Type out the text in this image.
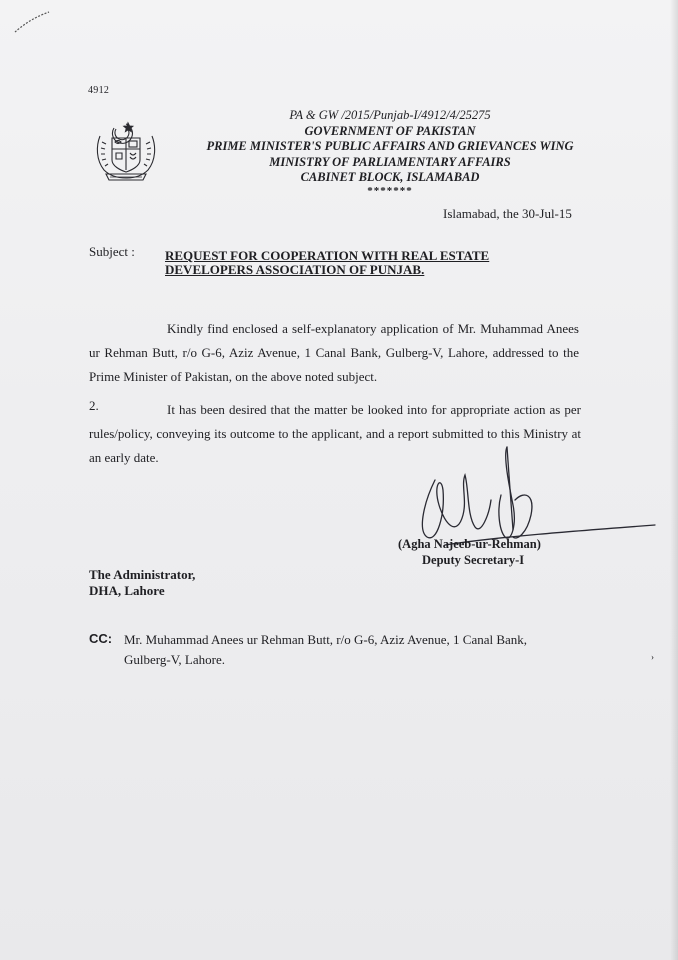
4912
PA & GW /2015/Punjab-I/4912/4/25275
GOVERNMENT OF PAKISTAN
PRIME MINISTER'S PUBLIC AFFAIRS AND GRIEVANCES WING
MINISTRY OF PARLIAMENTARY AFFAIRS
CABINET BLOCK, ISLAMABAD
*******
Islamabad, the 30-Jul-15
Subject : REQUEST FOR COOPERATION WITH REAL ESTATE
DEVELOPERS ASSOCIATION OF PUNJAB.
Kindly find enclosed a self-explanatory application of Mr. Muhammad Anees ur Rehman Butt, r/o G-6, Aziz Avenue, 1 Canal Bank, Gulberg-V, Lahore, addressed to the Prime Minister of Pakistan, on the above noted subject.
2.	It has been desired that the matter be looked into for appropriate action as per rules/policy, conveying its outcome to the applicant, and a report submitted to this Ministry at an early date.
(Agha Najeeb-ur-Rehman)
Deputy Secretary-I
The Administrator,
DHA, Lahore
CC: Mr. Muhammad Anees ur Rehman Butt, r/o G-6, Aziz Avenue, 1 Canal Bank, Gulberg-V, Lahore.	›
